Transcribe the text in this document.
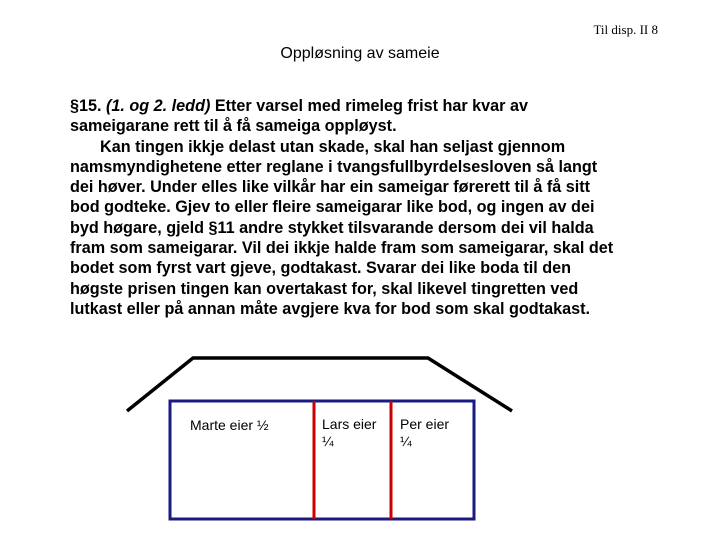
Til disp. II 8
Oppløsning av sameie
§15. (1. og 2. ledd) Etter varsel med rimeleg frist har kvar av
sameigarane rett til å få sameiga oppløyst.
Kan tingen ikkje delast utan skade, skal han seljast gjennom
namsmyndighetene etter reglane i tvangsfullbyrdelsesloven så langt
dei høver. Under elles like vilkår har ein sameigar førerett til å få sitt
bod godteke. Gjev to eller fleire sameigarar like bod, og ingen av dei
byd høgare, gjeld §11 andre stykket tilsvarande dersom dei vil halda
fram som sameigarar. Vil dei ikkje halde fram som sameigarar, skal det
bodet som fyrst vart gjeve, godtakast. Svarar dei like boda til den
høgste prisen tingen kan overtakast for, skal likevel tingretten ved
lutkast eller på annan måte avgjere kva for bod som skal godtakast.
Marte eier ½	Lars eier
¼
Per eier
¼
